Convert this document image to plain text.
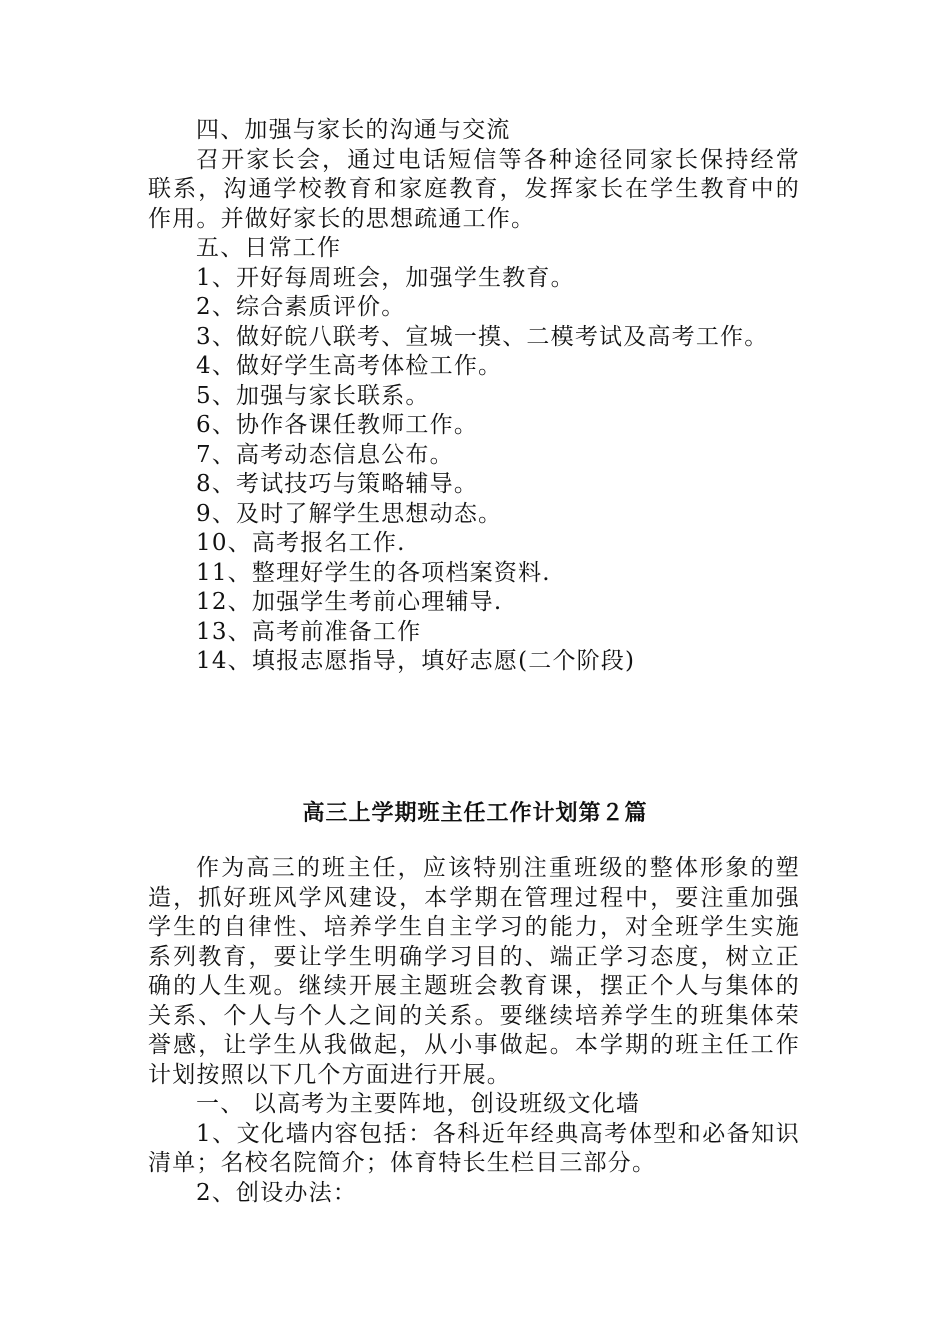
四、加强与家长的沟通与交流

召开家长会，通过电话短信等各种途径同家长保持经常联系，沟通学校教育和家庭教育，发挥家长在学生教育中的作用。并做好家长的思想疏通工作。

五、日常工作

1、开好每周班会，加强学生教育。

2、综合素质评价。

3、做好皖八联考、宣城一摸、二模考试及高考工作。

4、做好学生高考体检工作。

5、加强与家长联系。

6、协作各课任教师工作。

7、高考动态信息公布。

8、考试技巧与策略辅导。

9、及时了解学生思想动态。

10、高考报名工作.

11、整理好学生的各项档案资料.

12、加强学生考前心理辅导.

13、高考前准备工作

14、填报志愿指导，填好志愿(二个阶段)

高三上学期班主任工作计划第２篇

作为高三的班主任，应该特别注重班级的整体形象的塑造，抓好班风学风建设，本学期在管理过程中，要注重加强学生的自律性、培养学生自主学习的能力，对全班学生实施系列教育，要让学生明确学习目的、端正学习态度，树立正确的人生观。继续开展主题班会教育课，摆正个人与集体的关系、个人与个人之间的关系。要继续培养学生的班集体荣誉感，让学生从我做起，从小事做起。本学期的班主任工作计划按照以下几个方面进行开展。

一、 以高考为主要阵地，创设班级文化墙

1、文化墙内容包括：各科近年经典高考体型和必备知识清单；名校名院简介；体育特长生栏目三部分。

2、创设办法：
